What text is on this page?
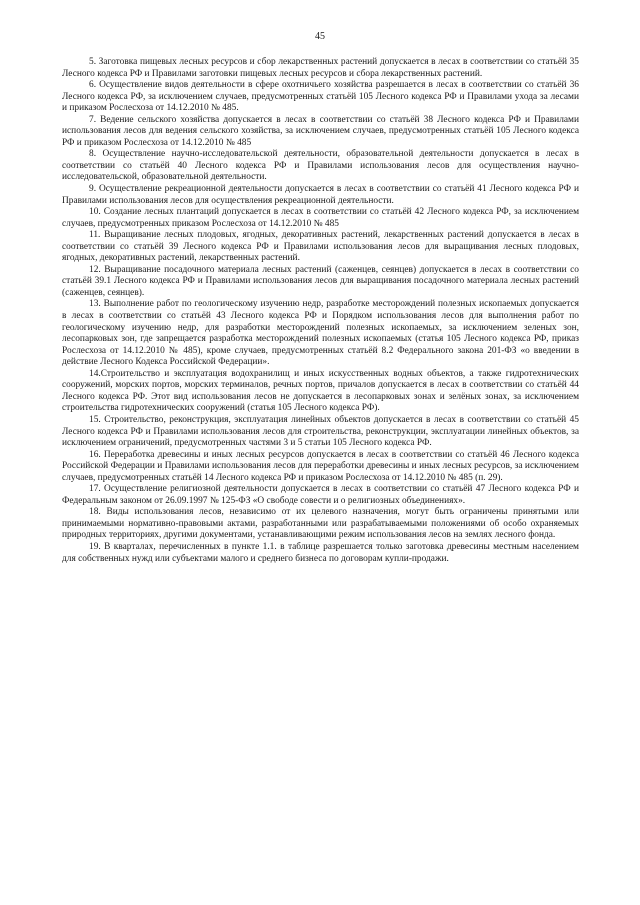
45

5. Заготовка пищевых лесных ресурсов и сбор лекарственных растений допускается в лесах в соответствии со статьёй 35 Лесного кодекса РФ и Правилами заготовки пищевых лесных ресурсов и сбора лекарственных растений.

6. Осуществление видов деятельности в сфере охотничьего хозяйства разрешается в лесах в соответствии со статьёй 36 Лесного кодекса РФ, за исключением случаев, предусмотренных статьёй 105 Лесного кодекса РФ и Правилами ухода за лесами и приказом Рослесхоза от 14.12.2010 № 485.

7. Ведение сельского хозяйства допускается в лесах в соответствии со статьёй 38 Лесного кодекса РФ и Правилами использования лесов для ведения сельского хозяйства, за исключением случаев, предусмотренных статьёй 105 Лесного кодекса РФ и приказом Рослесхоза от 14.12.2010 № 485

8. Осуществление научно-исследовательской деятельности, образовательной деятельности допускается в лесах в соответствии со статьёй 40 Лесного кодекса РФ и Правилами использования лесов для осуществления научно-исследовательской, образовательной деятельности.

9. Осуществление рекреационной деятельности допускается в лесах в соответствии со статьёй 41 Лесного кодекса РФ и Правилами использования лесов для осуществления рекреационной деятельности.

10. Создание лесных плантаций допускается в лесах в соответствии со статьёй 42 Лесного кодекса РФ, за исключением случаев, предусмотренных приказом Рослесхоза от 14.12.2010 № 485

11. Выращивание лесных плодовых, ягодных, декоративных растений, лекарственных растений допускается в лесах в соответствии со статьёй 39 Лесного кодекса РФ и Правилами использования лесов для выращивания лесных плодовых, ягодных, декоративных растений, лекарственных растений.

12. Выращивание посадочного материала лесных растений (саженцев, сеянцев) допускается в лесах в соответствии со статьёй 39.1 Лесного кодекса РФ и Правилами использования лесов для выращивания посадочного материала лесных растений (саженцев, сеянцев).

13. Выполнение работ по геологическому изучению недр, разработке месторождений полезных ископаемых допускается в лесах в соответствии со статьёй 43 Лесного кодекса РФ и Порядком использования лесов для выполнения работ по геологическому изучению недр, для разработки месторождений полезных ископаемых, за исключением зеленых зон, лесопарковых зон, где запрещается разработка месторождений полезных ископаемых (статья 105 Лесного кодекса РФ, приказ Рослесхоза от 14.12.2010 № 485), кроме случаев, предусмотренных статьёй 8.2 Федерального закона 201-ФЗ «о введении в действие Лесного Кодекса Российской Федерации».

14.Строительство и эксплуатация водохранилищ и иных искусственных водных объектов, а также гидротехнических сооружений, морских портов, морских терминалов, речных портов, причалов допускается в лесах в соответствии со статьёй 44 Лесного кодекса РФ. Этот вид использования лесов не допускается в лесопарковых зонах и зелёных зонах, за исключением строительства гидротехнических сооружений (статья 105 Лесного кодекса РФ).

15. Строительство, реконструкция, эксплуатация линейных объектов допускается в лесах в соответствии со статьёй 45 Лесного кодекса РФ и Правилами использования лесов для строительства, реконструкции, эксплуатации линейных объектов, за исключением ограничений, предусмотренных частями 3 и 5 статьи 105 Лесного кодекса РФ.

16. Переработка древесины и иных лесных ресурсов допускается в лесах в соответствии со статьёй 46 Лесного кодекса Российской Федерации и Правилами использования лесов для переработки древесины и иных лесных ресурсов, за исключением случаев, предусмотренных статьёй 14 Лесного кодекса РФ и приказом Рослесхоза от 14.12.2010 № 485 (п. 29).

17. Осуществление религиозной деятельности допускается в лесах в соответствии со статьёй 47 Лесного кодекса РФ и Федеральным законом от 26.09.1997 № 125-ФЗ «О свободе совести и о религиозных объединениях».

18. Виды использования лесов, независимо от их целевого назначения, могут быть ограничены принятыми или принимаемыми нормативно-правовыми актами, разработанными или разрабатываемыми положениями об особо охраняемых природных территориях, другими документами, устанавливающими режим использования лесов на землях лесного фонда.

19. В кварталах, перечисленных в пункте 1.1. в таблице разрешается только заготовка древесины местным населением для собственных нужд или субъектами малого и среднего бизнеса по договорам купли-продажи.
